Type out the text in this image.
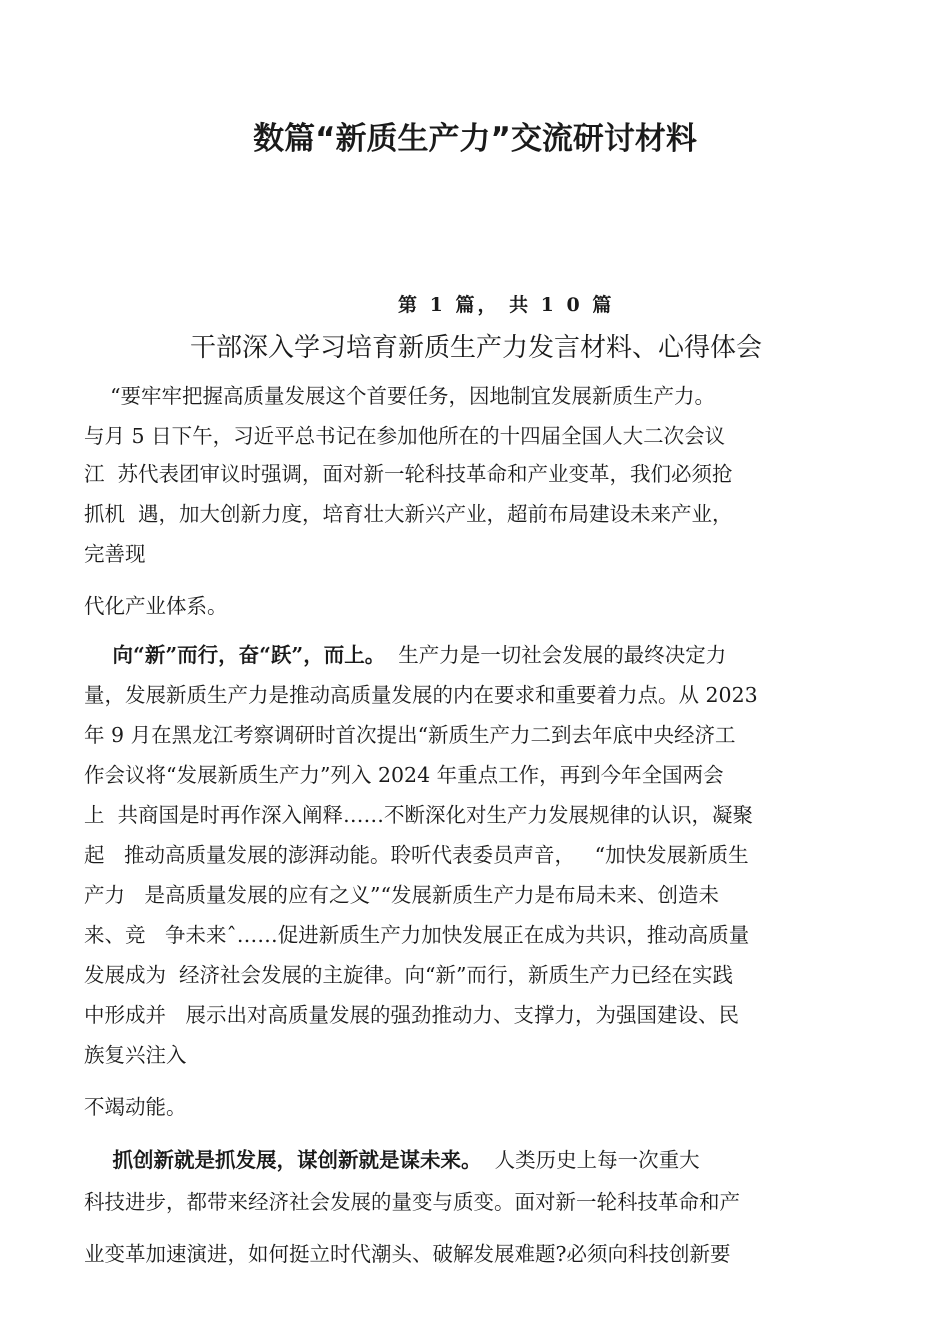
数篇“新质生产力”交流研讨材料
第 1 篇， 共 1 0 篇
干部深入学习培育新质生产力发言材料、心得体会
“要牢牢把握高质量发展这个首要任务，因地制宜发展新质生产力。
与月 5 日下午，习近平总书记在参加他所在的十四届全国人大二次会议
江  苏代表团审议时强调，面对新一轮科技革命和产业变革，我们必须抢
抓机  遇，加大创新力度，培育壮大新兴产业，超前布局建设未来产业，
完善现
代化产业体系。
向“新”而行，奋“跃”，而上。  生产力是一切社会发展的最终决定力
量，发展新质生产力是推动高质量发展的内在要求和重要着力点。从 2023
年 9 月在黑龙江考察调研时首次提出“新质生产力二到去年底中央经济工
作会议将“发展新质生产力”列入 2024 年重点工作，再到今年全国两会
上  共商国是时再作深入阐释……不断深化对生产力发展规律的认识，凝聚
起   推动高质量发展的澎湃动能。聆听代表委员声音，   “加快发展新质生
产力   是高质量发展的应有之义”“发展新质生产力是布局未来、创造未
来、竞   争未来ˆ……促进新质生产力加快发展正在成为共识，推动高质量
发展成为  经济社会发展的主旋律。向“新”而行，新质生产力已经在实践
中形成并   展示出对高质量发展的强劲推动力、支撑力，为强国建设、民
族复兴注入
不竭动能。
抓创新就是抓发展，谋创新就是谋未来。  人类历史上每一次重大
科技进步，都带来经济社会发展的量变与质变。面对新一轮科技革命和产
业变革加速演进，如何挺立时代潮头、破解发展难题?必须向科技创新要
